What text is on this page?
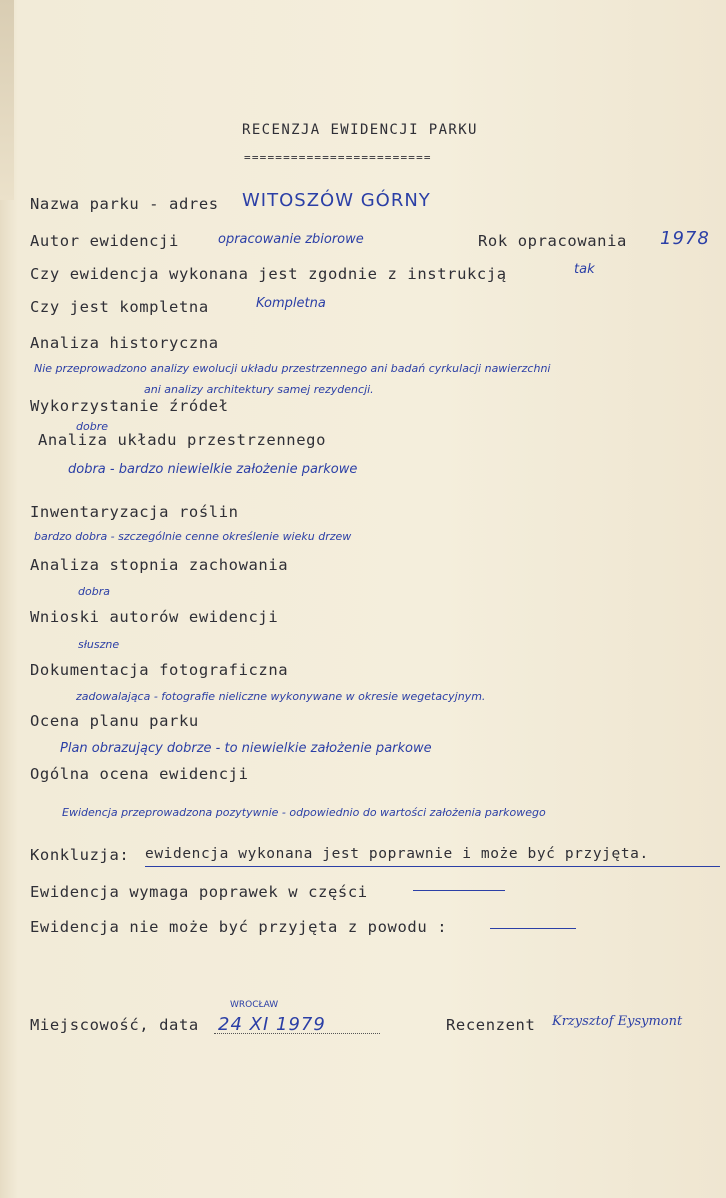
RECENZJA EWIDENCJI PARKU
========================
Nazwa parku - adres WITOSZÓW GÓRNY
Autor ewidencji	opracowanie zbiorowe	Rok opracowania 1978
Czy ewidencja wykonana jest zgodnie z instrukcją	tak
Czy jest kompletna	Kompletna
Analiza historyczna
Nie przeprowadzono analizy ewolucji układu przestrzennego ani badań cyrkulacji nawierzchni
ani analizy architektury samej rezydencji.
Wykorzystanie źródeł
dobre
Analiza układu przestrzennego
dobra - bardzo niewielkie założenie parkowe
Inwentaryzacja roślin
bardzo dobra - szczególnie cenne określenie wieku drzew
Analiza stopnia zachowania
dobra
Wnioski autorów ewidencji
słuszne
Dokumentacja fotograficzna
zadowalająca - fotografie nieliczne wykonywane w okresie wegetacyjnym.
Ocena planu parku
Plan obrazujący dobrze - to niewielkie założenie parkowe
Ogólna ocena ewidencji
Ewidencja przeprowadzona pozytywnie - odpowiednio do wartości założenia parkowego
Konkluzja: ewidencja wykonana jest poprawnie i może być przyjęta.
Ewidencja wymaga poprawek w części
Ewidencja nie może być przyjęta z powodu :
Miejscowość, data
WROCŁAW
24 XI 1979	Recenzent Krzysztof Eysymont
